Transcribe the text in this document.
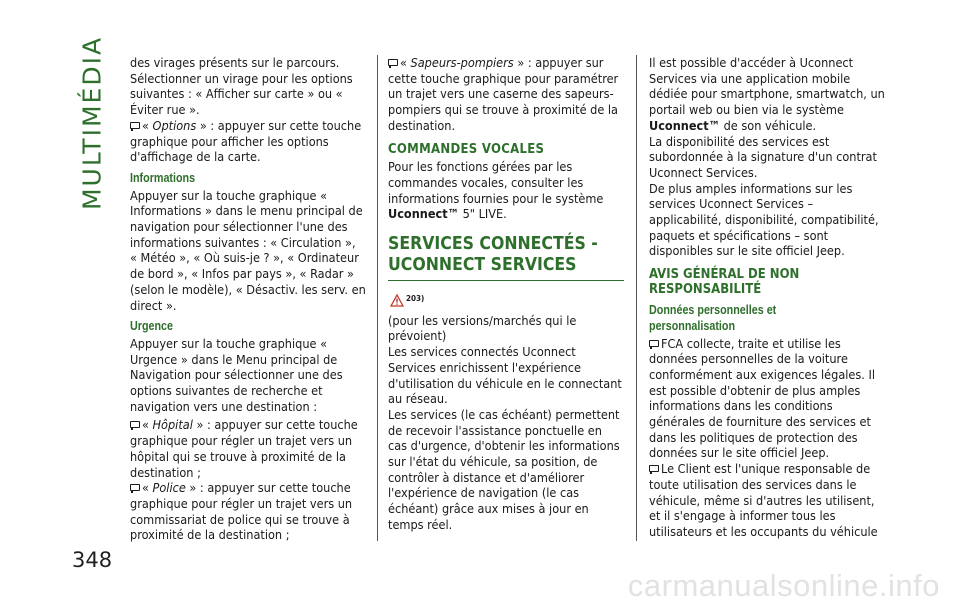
MULTIMÉDIA
348

des virages présents sur le parcours. Sélectionner un virage pour les options suivantes : « Afficher sur carte » ou « Éviter rue ».

« Options » : appuyer sur cette touche graphique pour afficher les options d'affichage de la carte.

Informations

Appuyer sur la touche graphique « Informations » dans le menu principal de navigation pour sélectionner l'une des informations suivantes : « Circulation », « Météo », « Où suis-je ? », « Ordinateur de bord », « Infos par pays », « Radar » (selon le modèle), « Désactiv. les serv. en direct ».

Urgence

Appuyer sur la touche graphique « Urgence » dans le Menu principal de Navigation pour sélectionner une des options suivantes de recherche et navigation vers une destination :

« Hôpital » : appuyer sur cette touche graphique pour régler un trajet vers un hôpital qui se trouve à proximité de la destination ;

« Police » : appuyer sur cette touche graphique pour régler un trajet vers un commissariat de police qui se trouve à proximité de la destination ;

« Sapeurs-pompiers » : appuyer sur cette touche graphique pour paramétrer un trajet vers une caserne des sapeurs-pompiers qui se trouve à proximité de la destination.

COMMANDES VOCALES

Pour les fonctions gérées par les commandes vocales, consulter les informations fournies pour le système Uconnect™ 5" LIVE.

SERVICES CONNECTÉS - UCONNECT SERVICES
203)

(pour les versions/marchés qui le prévoient)

Les services connectés Uconnect Services enrichissent l'expérience d'utilisation du véhicule en le connectant au réseau.

Les services (le cas échéant) permettent de recevoir l'assistance ponctuelle en cas d'urgence, d'obtenir les informations sur l'état du véhicule, sa position, de contrôler à distance et d'améliorer l'expérience de navigation (le cas échéant) grâce aux mises à jour en temps réel.

Il est possible d'accéder à Uconnect Services via une application mobile dédiée pour smartphone, smartwatch, un portail web ou bien via le système Uconnect™ de son véhicule.

La disponibilité des services est subordonnée à la signature d'un contrat Uconnect Services.

De plus amples informations sur les services Uconnect Services – applicabilité, disponibilité, compatibilité, paquets et spécifications – sont disponibles sur le site officiel Jeep.

AVIS GÉNÉRAL DE NON RESPONSABILITÉ
Données personnelles et personnalisation

FCA collecte, traite et utilise les données personnelles de la voiture conformément aux exigences légales. Il est possible d'obtenir de plus amples informations dans les conditions générales de fourniture des services et dans les politiques de protection des données sur le site officiel Jeep.

Le Client est l'unique responsable de toute utilisation des services dans le véhicule, même si d'autres les utilisent, et il s'engage à informer tous les utilisateurs et les occupants du véhicule

carmanualsonline.info
